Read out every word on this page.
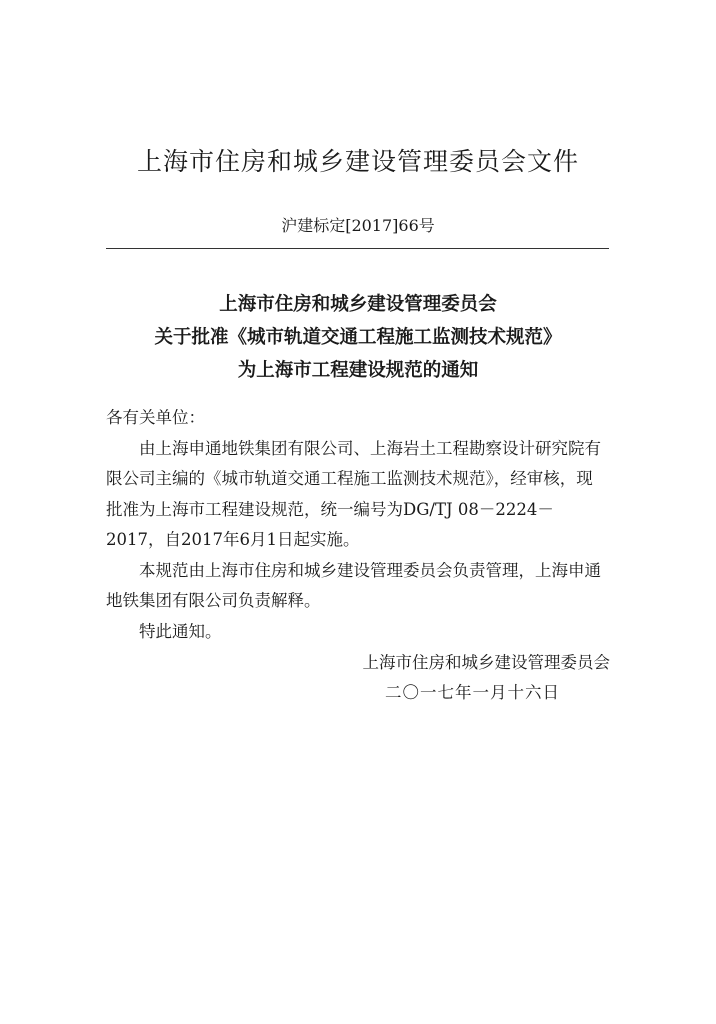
上海市住房和城乡建设管理委员会文件
沪建标定[2017]66号
上海市住房和城乡建设管理委员会
关于批准《城市轨道交通工程施工监测技术规范》
为上海市工程建设规范的通知

各有关单位：

由上海申通地铁集团有限公司、上海岩土工程勘察设计研究院有限公司主编的《城市轨道交通工程施工监测技术规范》，经审核，现批准为上海市工程建设规范，统一编号为DG/TJ 08－2224－2017，自2017年6月1日起实施。

本规范由上海市住房和城乡建设管理委员会负责管理，上海申通地铁集团有限公司负责解释。

特此通知。

上海市住房和城乡建设管理委员会
二〇一七年一月十六日
